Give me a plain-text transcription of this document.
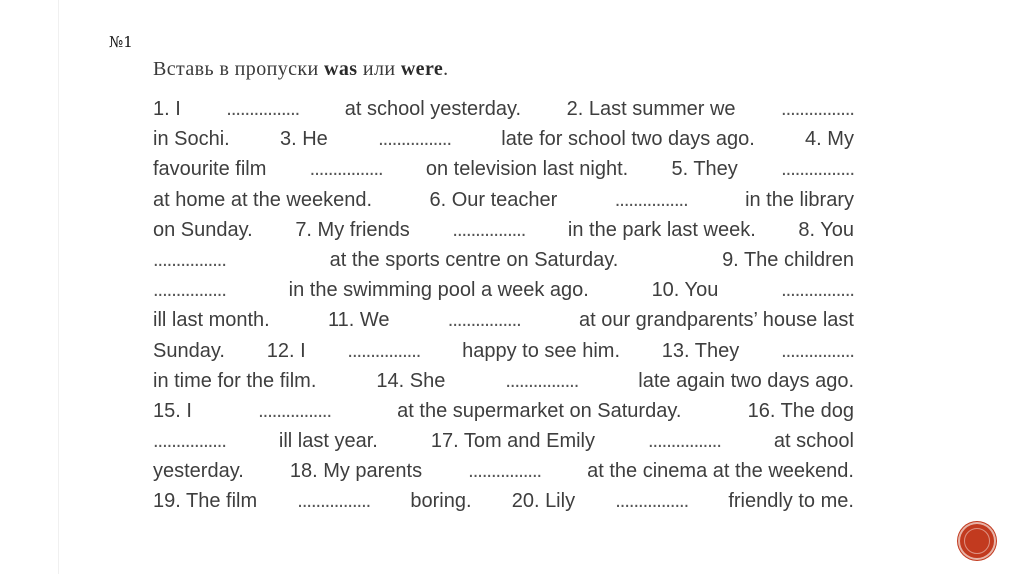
№1
Вставь в пропуски was или were.
1. I ................ at school yesterday. 2. Last summer we ................
in Sochi.	3. He	................	late for school two days ago.	4. My
favourite film ................ on television last night. 5. They ................
at home at the weekend.	6. Our teacher	................	in the library
on Sunday. 7. My friends ................ in the park last week. 8. You
................	at the sports centre on Saturday.	9. The children
................	in the swimming pool a week ago.	10. You	................
ill last month.	11. We	................	at our grandparents’ house last
Sunday. 12. I ................ happy to see him. 13. They ................
in time for the film.	14. She	................	late again two days ago.
15. I	................	at the supermarket on Saturday.	16. The dog
................	ill last year.	17. Tom and Emily	................	at school
yesterday. 18. My parents ................ at the cinema at the weekend.
19. The film ................ boring. 20. Lily ................ friendly to me.
